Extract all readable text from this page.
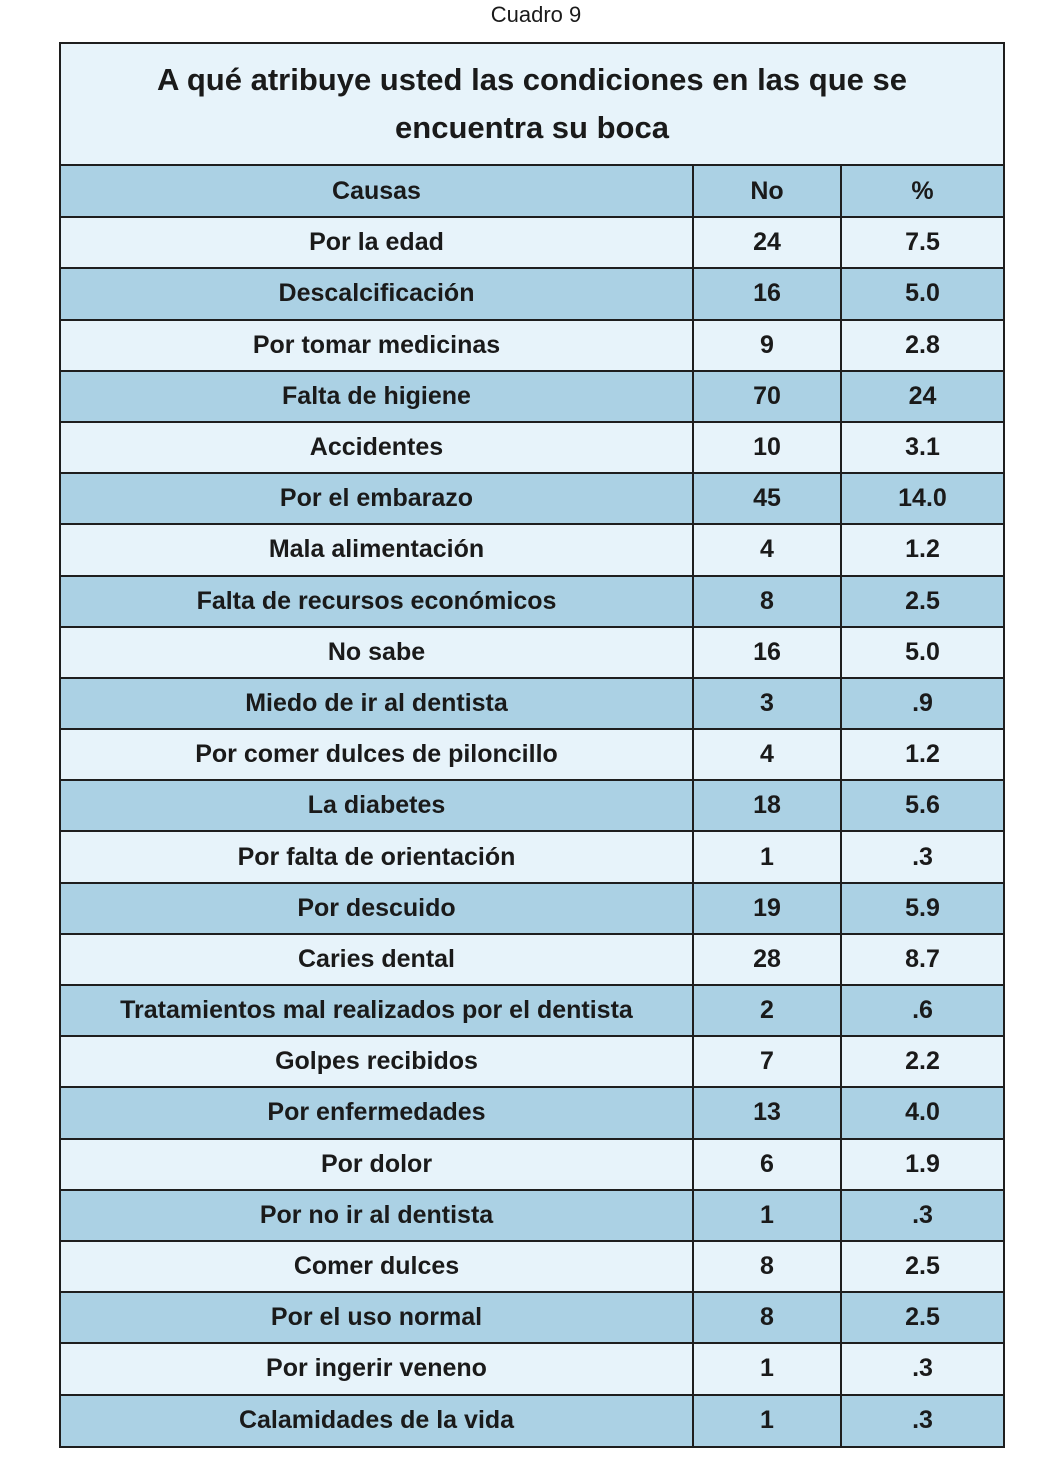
Cuadro 9
A qué atribuye usted las condiciones en las que se
encuentra su boca
Causas	No	%
Por la edad	24	7.5
Descalcificación	16	5.0
Por tomar medicinas	9	2.8
Falta de higiene	70	24
Accidentes	10	3.1
Por el embarazo	45	14.0
Mala alimentación	4	1.2
Falta de recursos económicos	8	2.5
No sabe	16	5.0
Miedo de ir al dentista	3	.9
Por comer dulces de piloncillo	4	1.2
La diabetes	18	5.6
Por falta de orientación	1	.3
Por descuido	19	5.9
Caries dental	28	8.7
Tratamientos mal realizados por el dentista	2	.6
Golpes recibidos	7	2.2
Por enfermedades	13	4.0
Por dolor	6	1.9
Por no ir al dentista	1	.3
Comer dulces	8	2.5
Por el uso normal	8	2.5
Por ingerir veneno	1	.3
Calamidades de la vida	1	.3
